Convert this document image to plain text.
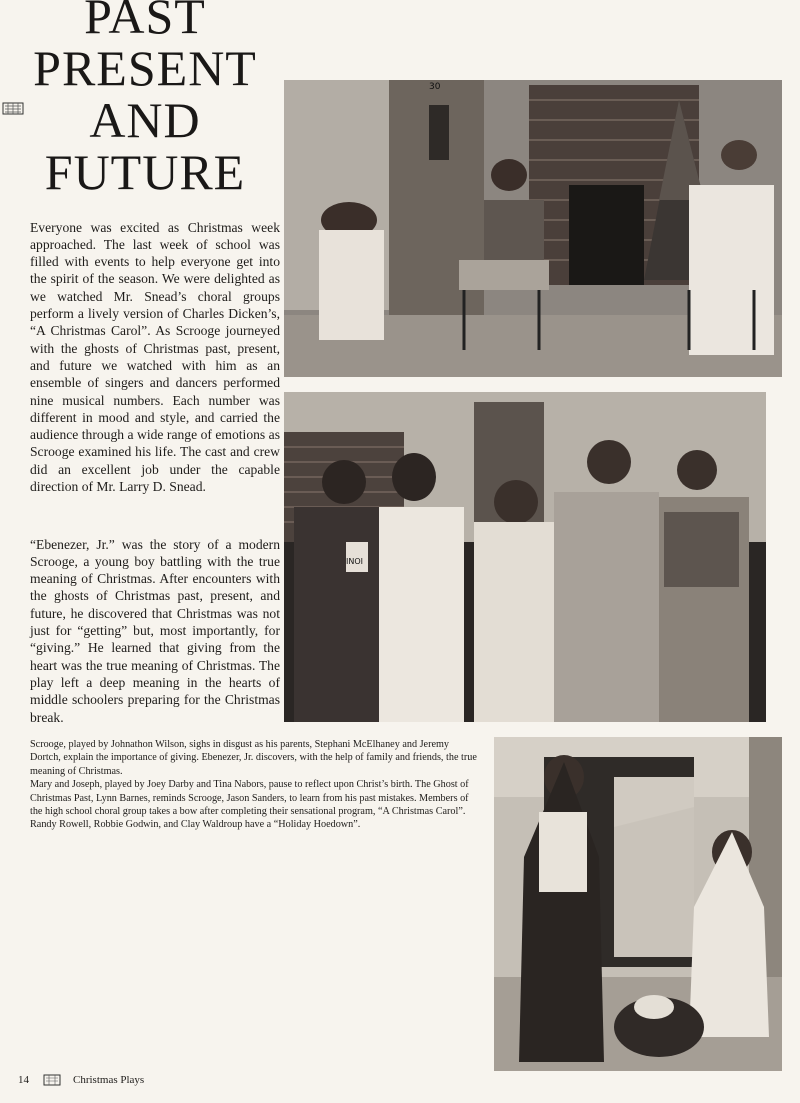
PAST
PRESENT
AND
FUTURE

Everyone was excited as Christmas week approached. The last week of school was filled with events to help everyone get into the spirit of the season. We were delighted as we watched Mr. Snead’s choral groups perform a lively version of Charles Dicken’s, “A Christmas Carol”. As Scrooge journeyed with the ghosts of Christmas past, present, and future we watched with him as an ensemble of singers and dancers performed nine musical numbers. Each number was different in mood and style, and carried the audience through a wide range of emotions as Scrooge examined his life. The cast and crew did an excellent job under the capable direction of Mr. Larry D. Snead.

“Ebenezer, Jr.” was the story of a modern Scrooge, a young boy battling with the true meaning of Christmas. After encounters with the ghosts of Christmas past, present, and future, he discovered that Christmas was not just for “getting” but, most importantly, for “giving.” He learned that giving from the heart was the true meaning of Christmas. The play left a deep meaning in the hearts of middle schoolers preparing for the Christmas break.

Scrooge, played by Johnathon Wilson, sighs in disgust as his parents, Stephani McElhaney and Jeremy Dortch, explain the importance of giving. Ebenezer, Jr. discovers, with the help of family and friends, the true meaning of Christmas.
Mary and Joseph, played by Joey Darby and Tina Nabors, pause to reflect upon Christ’s birth. The Ghost of Christmas Past, Lynn Barnes, reminds Scrooge, Jason Sanders, to learn from his past mistakes. Members of the high school choral group takes a bow after completing their sensational program, “A Christmas Carol”.
Randy Rowell, Robbie Godwin, and Clay Waldroup have a “Holiday Hoedown”.
30
INOI
14	Christmas Plays
